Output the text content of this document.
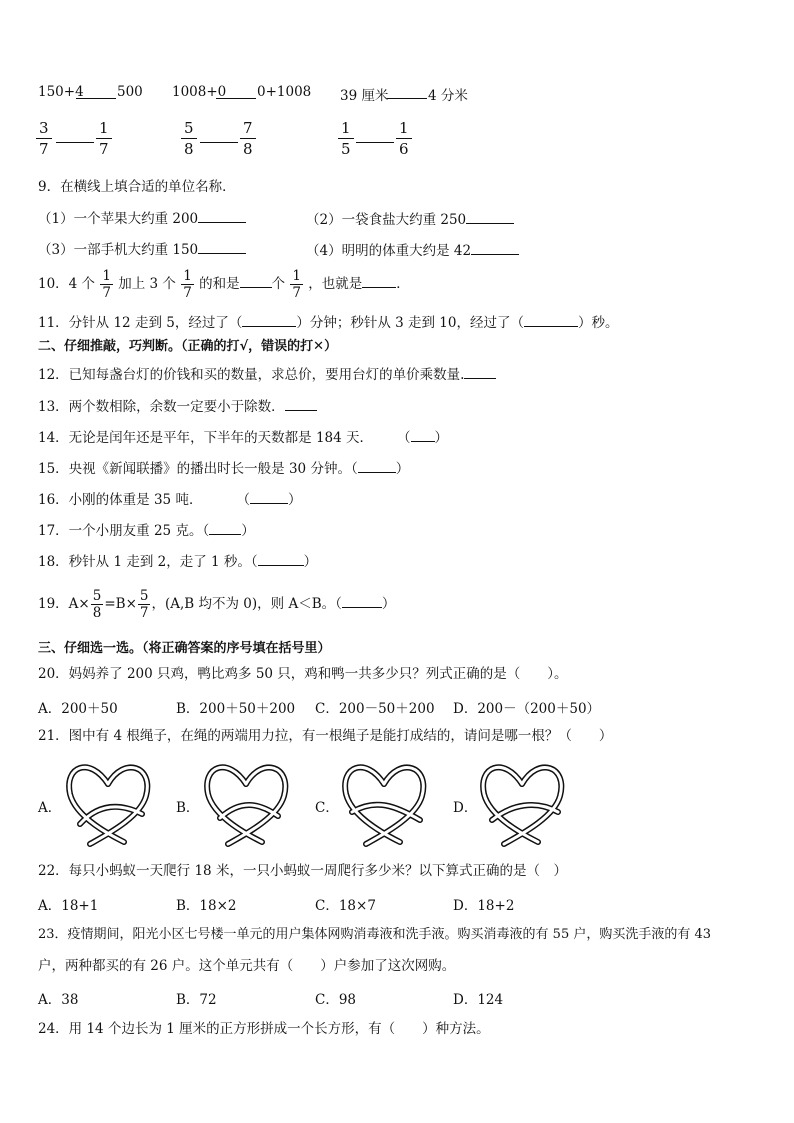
150+4 500 1008+0 0+1008 39 厘米	4 分米
$\frac{3}{7}$	$\frac{1}{7}$	$\frac{5}{8}$	$\frac{7}{8}$	$\frac{1}{5}$	$\frac{1}{6}$
9．在横线上填合适的单位名称．
（1）一个苹果大约重 200	（2）一袋食盐大约重 250
（3）一部手机大约重 150	（4）明明的体重大约是 42
10．4 个 $\frac{1}{7}$ 加上 3 个 $\frac{1}{7}$ 的和是 个 $\frac{1}{7}$ ，也就是	．
11．分针从 12 走到 5，经过了（	）分钟；秒针从 3 走到 10，经过了（	）秒。
二、仔细推敲，巧判断。（正确的打√，错误的打✕）
12．已知每盏台灯的价钱和买的数量，求总价，要用台灯的单价乘数量.
13．两个数相除，余数一定要小于除数．
14．无论是闰年还是平年，下半年的天数都是 184 天． （ ）
15．央视《新闻联播》的播出时长一般是 30 分钟。（	）
16．小刚的体重是 35 吨．	（	）
17．一个小朋友重 25 克。（ ）
18．秒针从 1 走到 2，走了 1 秒。（	）
19．$A\times \frac{5}{8} =B\times \frac{5}{7}$ ，(A,B 均不为 0)，则 A＜B。（	）
三、仔细选一选。（将正确答案的序号填在括号里）
20．妈妈养了 200 只鸡，鸭比鸡多 50 只，鸡和鸭一共多少只？列式正确的是（　　）。
A．200＋50	B．200＋50＋200 C．200－50＋200 D．200－（200＋50）
21．图中有 4 根绳子，在绳的两端用力拉，有一根绳子是能打成结的，请问是哪一根？（　　）
A．	B．	C．	D．
22．每只小蚂蚁一天爬行 18 米，一只小蚂蚁一周爬行多少米？以下算式正确的是（　）
A．18+1	B．18×2	C．18×7	D．18+2
23．疫情期间，阳光小区七号楼一单元的用户集体网购消毒液和洗手液。购买消毒液的有 55 户，购买洗手液的有 43
户，两种都买的有 26 户。这个单元共有（　　）户参加了这次网购。
A．38	B．72	C．98	D．124
24．用 14 个边长为 1 厘米的正方形拼成一个长方形，有（　　）种方法。
